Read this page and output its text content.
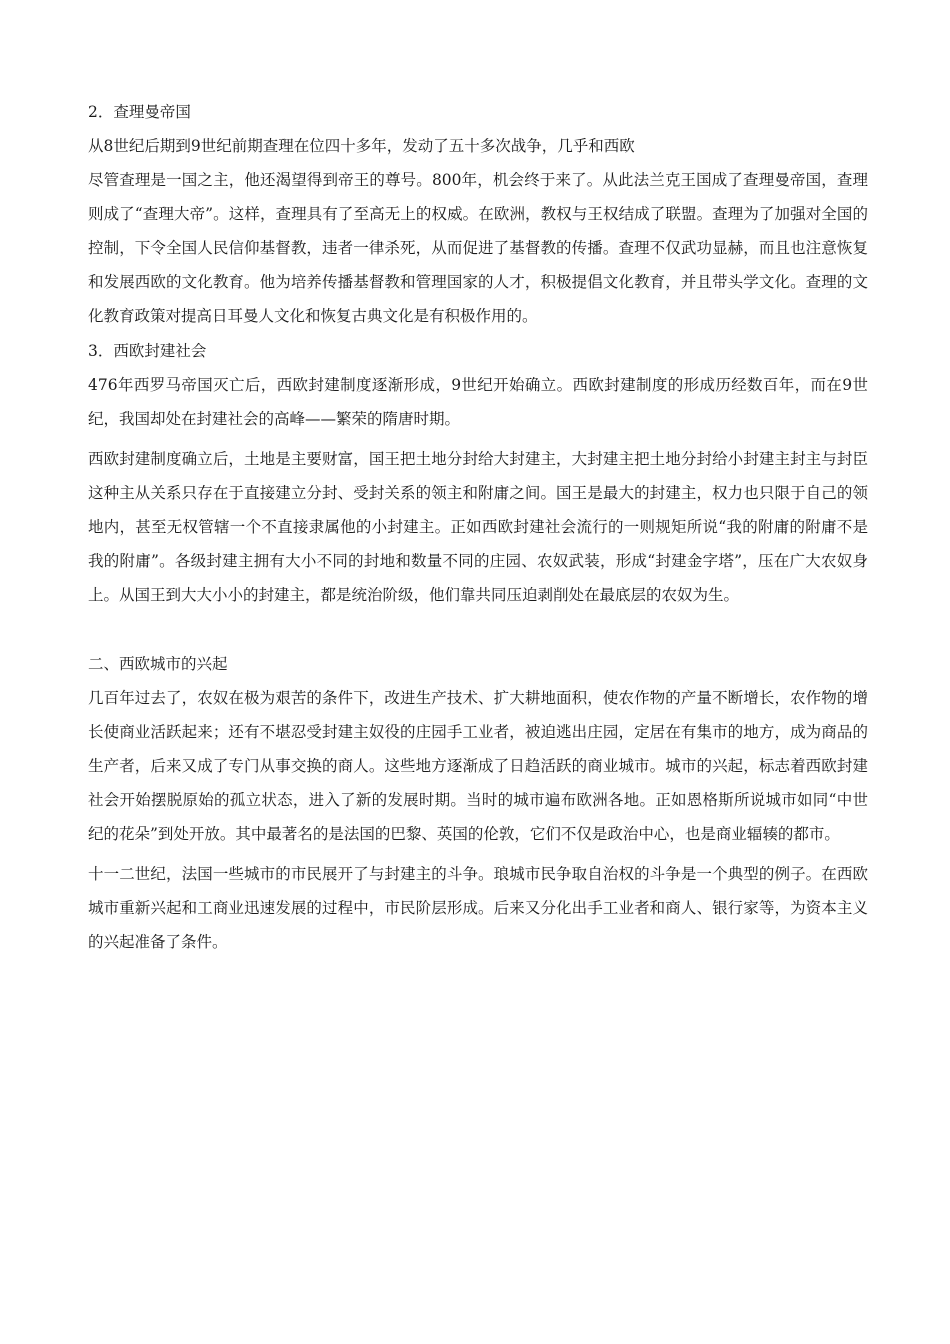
2．查理曼帝国

从8世纪后期到9世纪前期查理在位四十多年，发动了五十多次战争，几乎和西欧

尽管查理是一国之主，他还渴望得到帝王的尊号。800年，机会终于来了。从此法兰克王国成了查理曼帝国，查理则成了“查理大帝”。这样，查理具有了至高无上的权威。在欧洲，教权与王权结成了联盟。查理为了加强对全国的控制，下令全国人民信仰基督教，违者一律杀死，从而促进了基督教的传播。查理不仅武功显赫，而且也注意恢复和发展西欧的文化教育。他为培养传播基督教和管理国家的人才，积极提倡文化教育，并且带头学文化。查理的文化教育政策对提高日耳曼人文化和恢复古典文化是有积极作用的。

3．西欧封建社会

476年西罗马帝国灭亡后，西欧封建制度逐渐形成，9世纪开始确立。西欧封建制度的形成历经数百年，而在9世纪，我国却处在封建社会的高峰——繁荣的隋唐时期。

西欧封建制度确立后，土地是主要财富，国王把土地分封给大封建主，大封建主把土地分封给小封建主封主与封臣这种主从关系只存在于直接建立分封、受封关系的领主和附庸之间。国王是最大的封建主，权力也只限于自己的领地内，甚至无权管辖一个不直接隶属他的小封建主。正如西欧封建社会流行的一则规矩所说“我的附庸的附庸不是我的附庸”。各级封建主拥有大小不同的封地和数量不同的庄园、农奴武装，形成“封建金字塔”，压在广大农奴身上。从国王到大大小小的封建主，都是统治阶级，他们靠共同压迫剥削处在最底层的农奴为生。

二、西欧城市的兴起

几百年过去了，农奴在极为艰苦的条件下，改进生产技术、扩大耕地面积，使农作物的产量不断增长，农作物的增长使商业活跃起来；还有不堪忍受封建主奴役的庄园手工业者，被迫逃出庄园，定居在有集市的地方，成为商品的生产者，后来又成了专门从事交换的商人。这些地方逐渐成了日趋活跃的商业城市。城市的兴起，标志着西欧封建社会开始摆脱原始的孤立状态，进入了新的发展时期。当时的城市遍布欧洲各地。正如恩格斯所说城市如同“中世纪的花朵”到处开放。其中最著名的是法国的巴黎、英国的伦敦，它们不仅是政治中心，也是商业辐辏的都市。

十一二世纪，法国一些城市的市民展开了与封建主的斗争。琅城市民争取自治权的斗争是一个典型的例子。在西欧城市重新兴起和工商业迅速发展的过程中，市民阶层形成。后来又分化出手工业者和商人、银行家等，为资本主义的兴起准备了条件。
